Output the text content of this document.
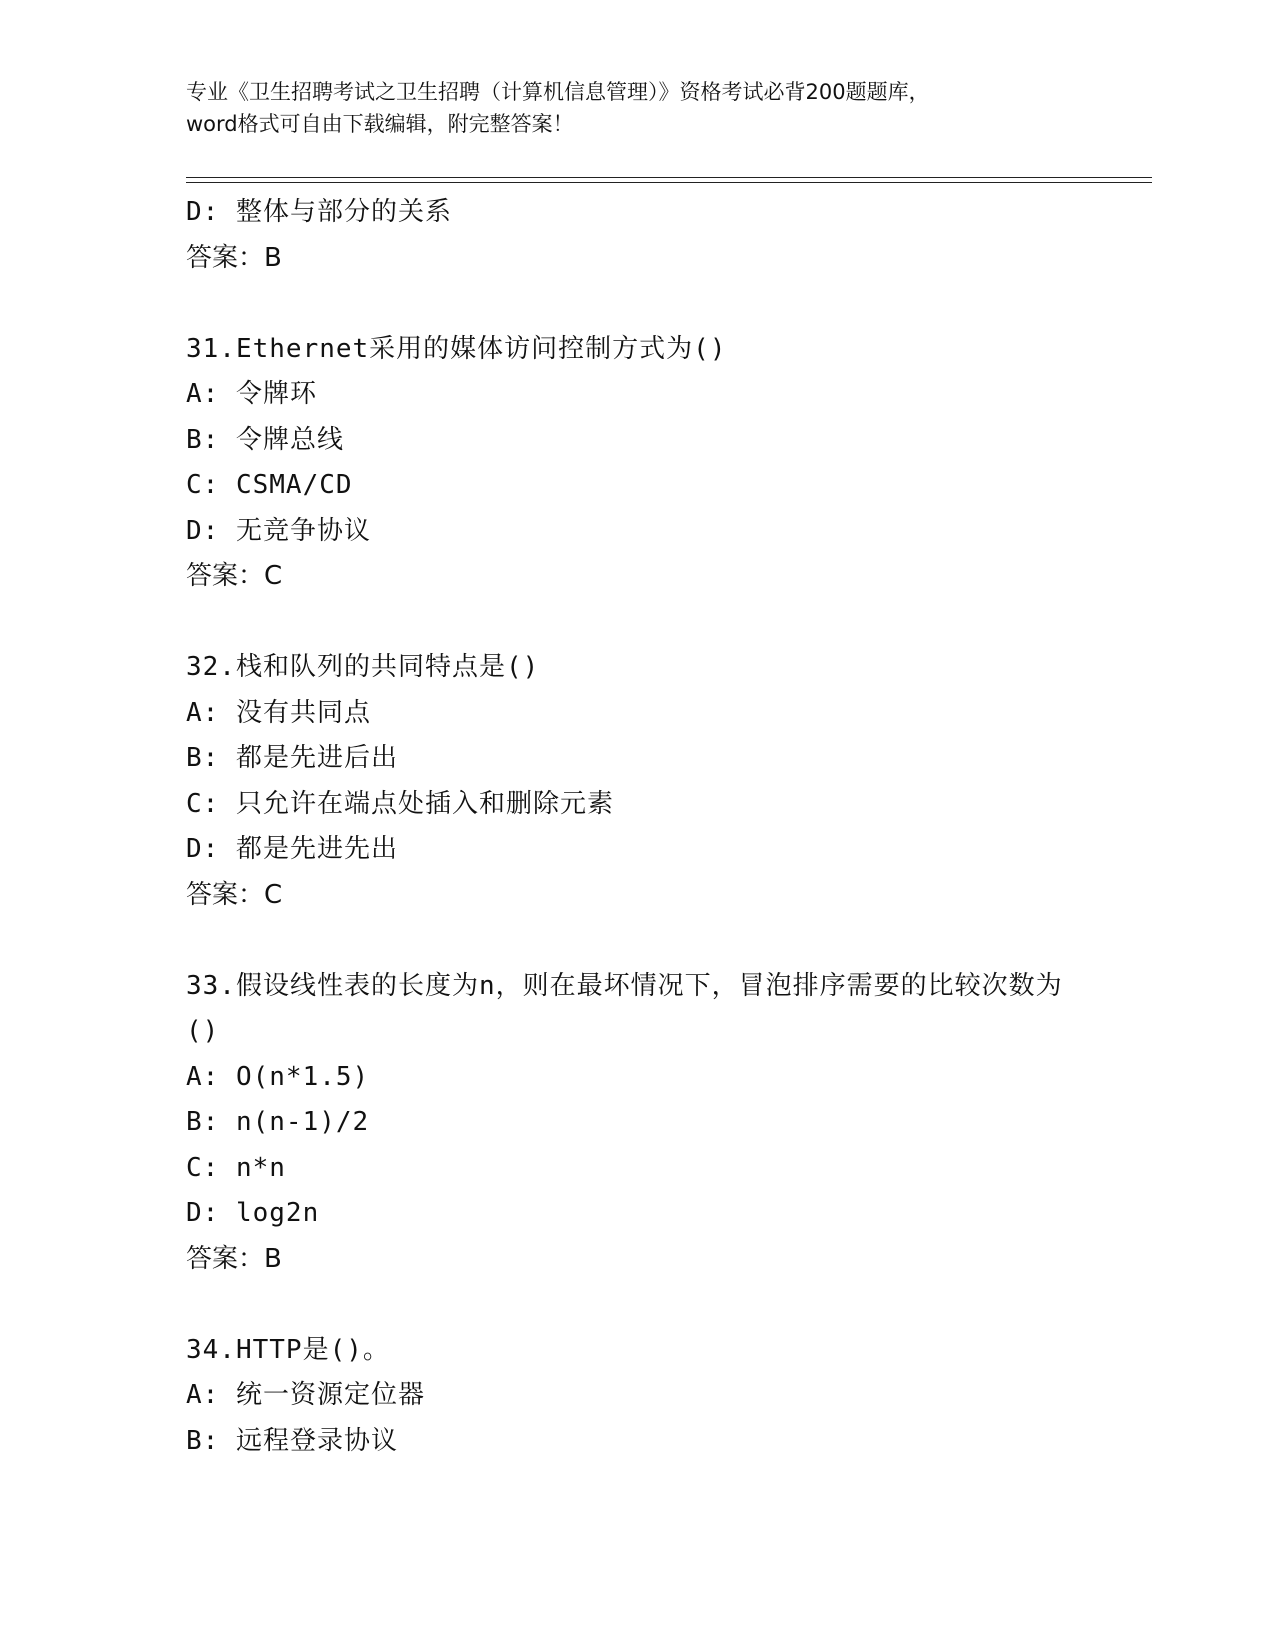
专业《卫生招聘考试之卫生招聘（计算机信息管理）》资格考试必背200题题库，
word格式可自由下载编辑，附完整答案！
D: 整体与部分的关系
答案：B
31.Ethernet采用的媒体访问控制方式为()
A: 令牌环
B: 令牌总线
C: CSMA/CD
D: 无竞争协议
答案：C
32.栈和队列的共同特点是()
A: 没有共同点
B: 都是先进后出
C: 只允许在端点处插入和删除元素
D: 都是先进先出
答案：C
33.假设线性表的长度为n，则在最坏情况下，冒泡排序需要的比较次数为()
A: O(n*1.5)
B: n(n-1)/2
C: n*n
D: log2n
答案：B
34.HTTP是()。
A: 统一资源定位器
B: 远程登录协议
